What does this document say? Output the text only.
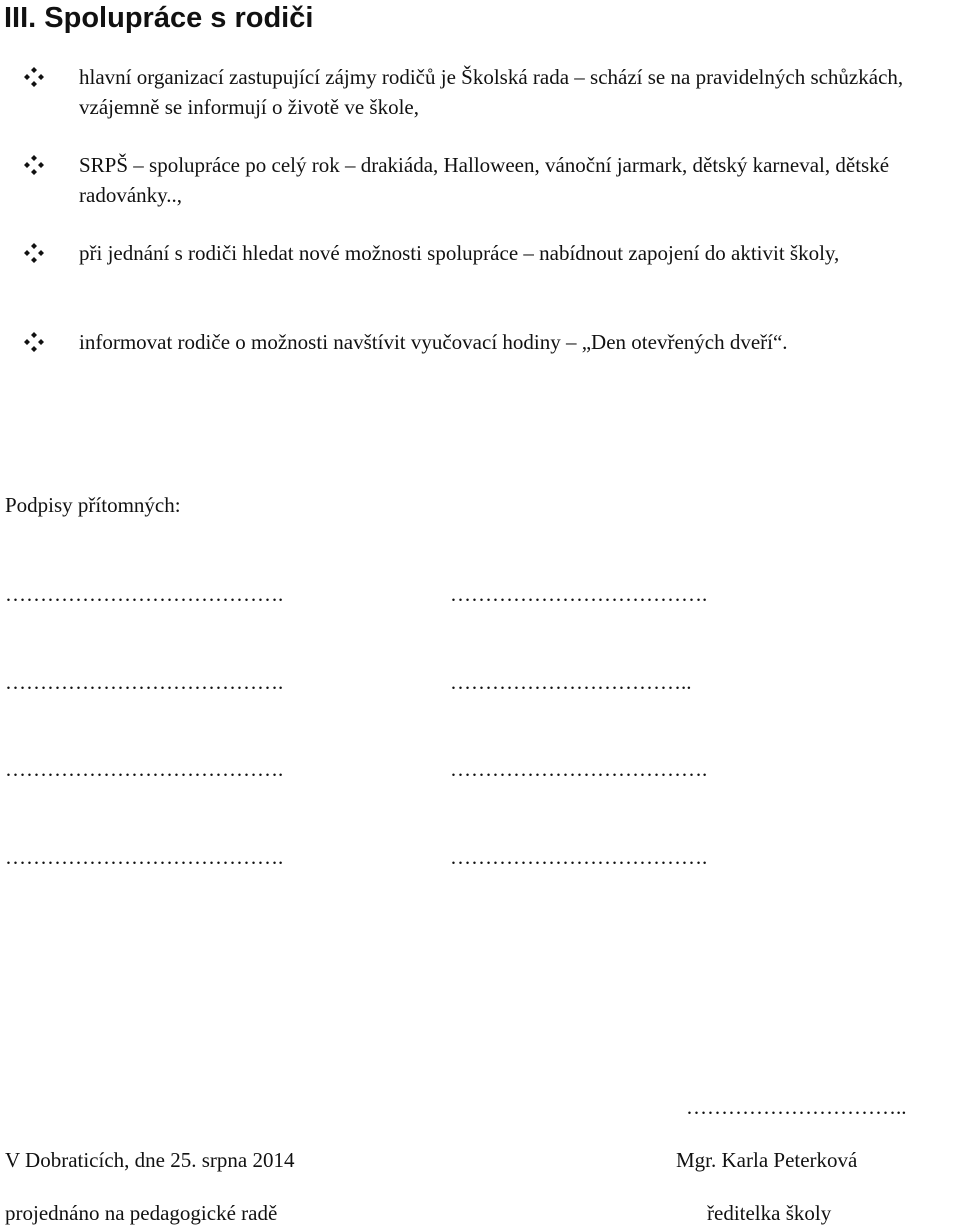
III. Spolupráce s rodiči
hlavní organizací zastupující zájmy rodičů je Školská rada – schází se na pravidelných schůzkách, vzájemně se informují o životě ve škole,
SRPŠ – spolupráce po celý rok – drakiáda, Halloween, vánoční jarmark, dětský karneval, dětské radovánky..,
při jednání s rodiči hledat nové možnosti spolupráce – nabídnout zapojení do aktivit školy,
informovat rodiče o možnosti navštívit vyučovací hodiny – „Den otevřených dveří“.
Podpisy přítomných:
………………………………….	……………………………….
………………………………….	……………………………..
………………………………….	……………………………….
………………………………….	……………………………….
…………………………..
V Dobraticích, dne 25. srpna 2014	Mgr. Karla Peterková
projednáno na pedagogické radě	ředitelka školy
